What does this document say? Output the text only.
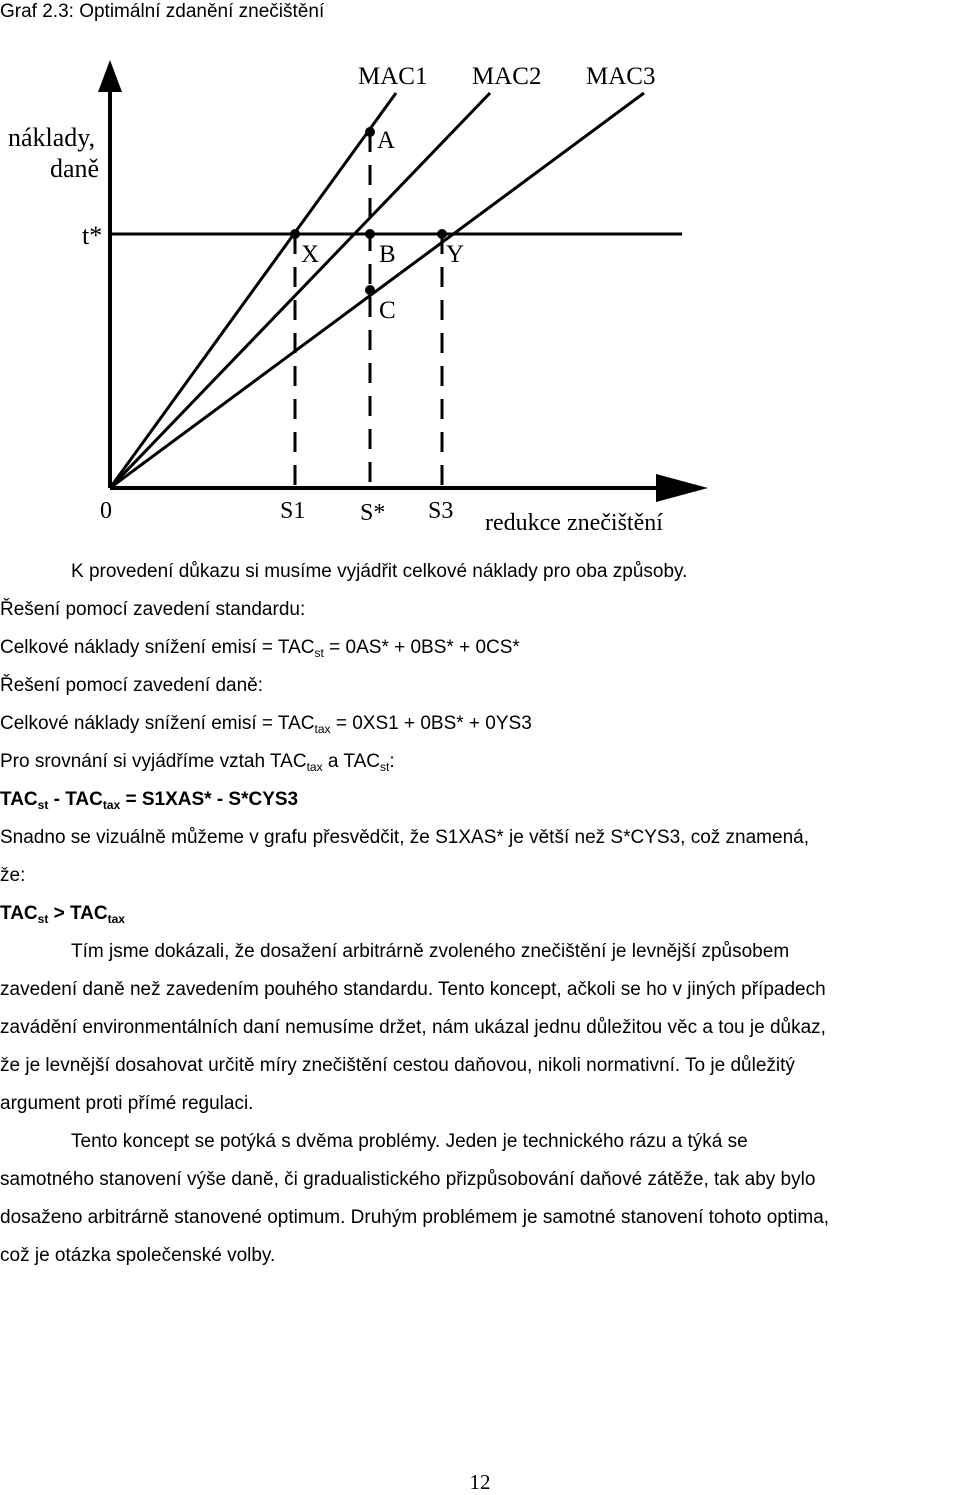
Graf 2.3: Optimální zdanění znečištění
náklady,
daně
t*
0
MAC1 MAC2 MAC3
A
X B Y
C
S1 S* S3 redukce znečištění
K provedení důkazu si musíme vyjádřit celkové náklady pro oba způsoby.
Řešení pomocí zavedení standardu:
Celkové náklady snížení emisí = $TAC_{st} = 0AS* + 0BS* + 0CS*$
Řešení pomocí zavedení daně:
Celkové náklady snížení emisí = $TAC_{tax} = 0XS1 + 0BS* + 0YS3$
Pro srovnání si vyjádříme vztah $TAC_{tax}$ a $TAC_{st}$:
$TAC_{st} - TAC_{tax} = S1XAS* - S*CYS3$
Snadno se vizuálně můžeme v grafu přesvědčit, že S1XAS* je větší než S*CYS3, což znamená,
že:
$TAC_{st} > TAC_{tax}$
Tím jsme dokázali, že dosažení arbitrárně zvoleného znečištění je levnější způsobem
zavedení daně než zavedením pouhého standardu. Tento koncept, ačkoli se ho v jiných případech
zavádění environmentálních daní nemusíme držet, nám ukázal jednu důležitou věc a tou je důkaz,
že je levnější dosahovat určitě míry znečištění cestou daňovou, nikoli normativní. To je důležitý
argument proti přímé regulaci.
Tento koncept se potýká s dvěma problémy. Jeden je technického rázu a týká se
samotného stanovení výše daně, či gradualistického přizpůsobování daňové zátěže, tak aby bylo
dosaženo arbitrárně stanovené optimum. Druhým problémem je samotné stanovení tohoto optima,
což je otázka společenské volby.
12
